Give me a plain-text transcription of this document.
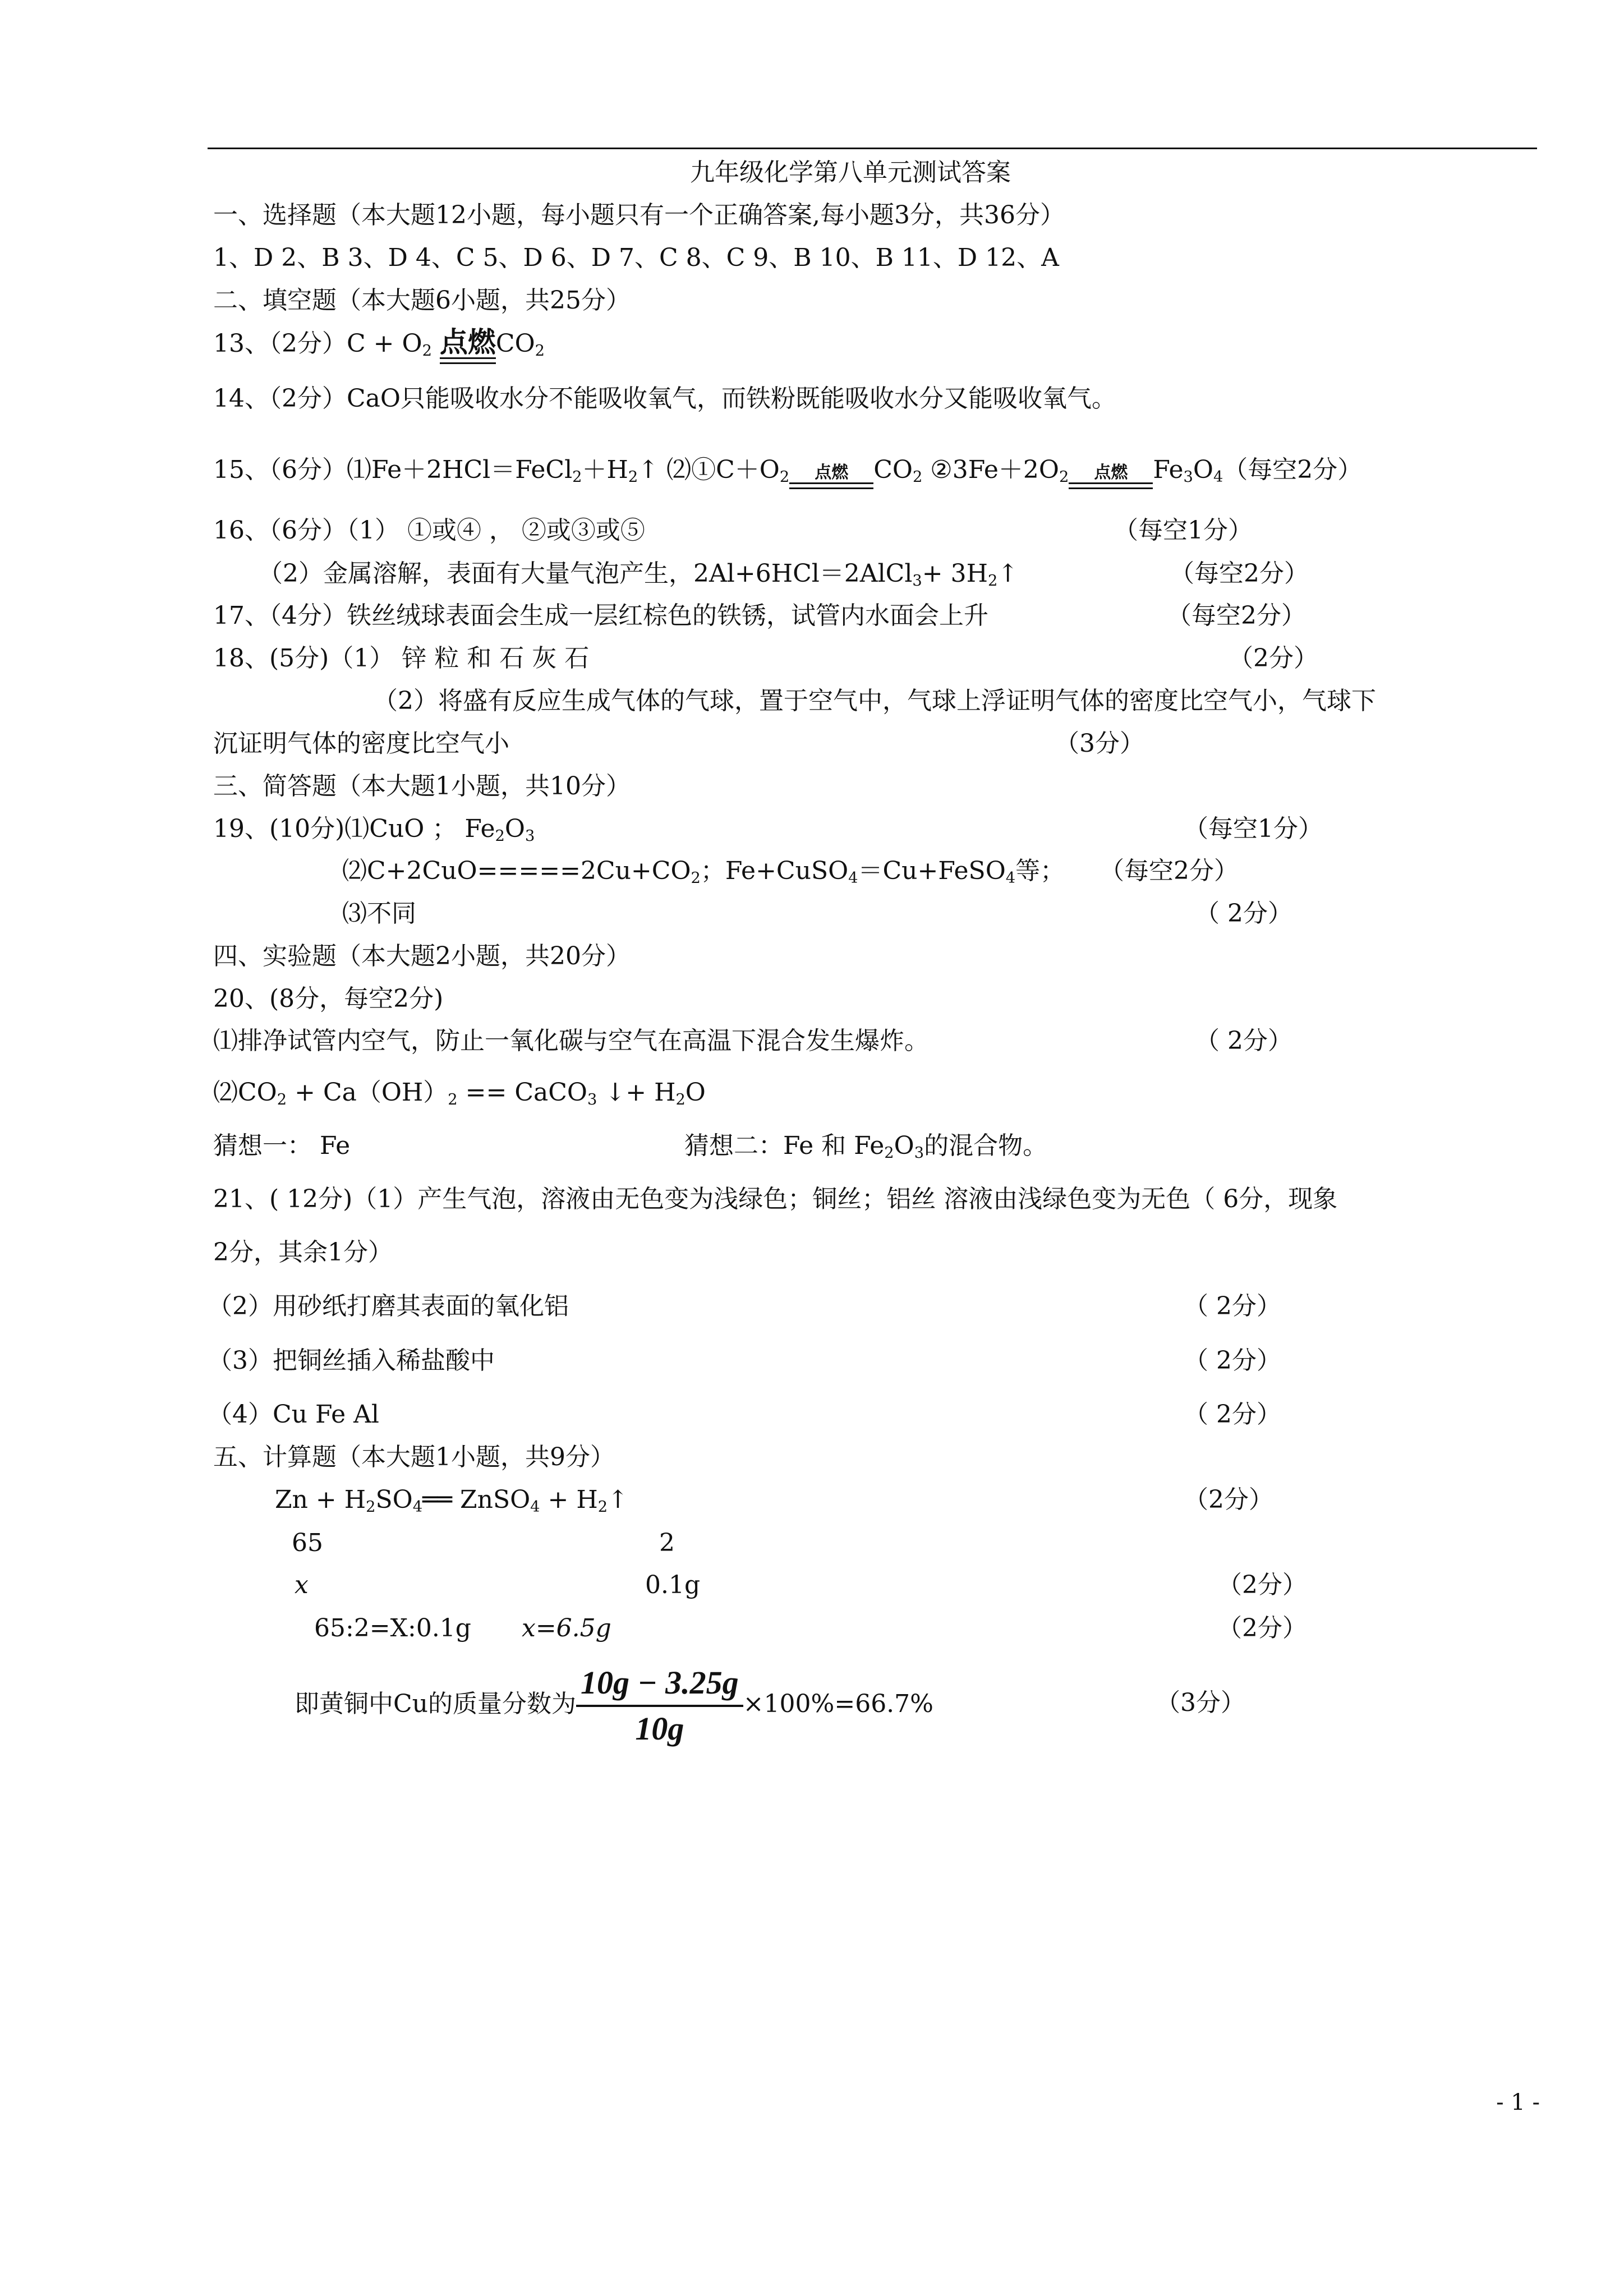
九年级化学第八单元测试答案
一、选择题（本大题12小题，每小题只有一个正确答案,每小题3分，共36分）
1、D 2、B 3、D 4、C 5、D 6、D 7、C 8、C 9、B 10、B 11、D 12、A
二、填空题（本大题6小题，共25分）
13、（2分）$C + O_2$ 点燃 $CO_2$
14、（2分）CaO只能吸收水分不能吸收氧气，而铁粉既能吸收水分又能吸收氧气。
15、（6分）$⑴Fe+2HCl=FeCl_2+H_2↑$ $⑵①C+O_2$	点燃	$CO_2$ $②3Fe+2O_2$	点燃	$Fe_3O_4$（每空2分）
16、（6分）（1） ①或④ ， ②或③或⑤	（每空1分）
（2）金属溶解，表面有大量气泡产生，2Al+6HCl＝2AlCl$_3$+ $3H_2↑$	（每空2分）
17、（4分）铁丝绒球表面会生成一层红棕色的铁锈，试管内水面会上升	（每空2分）
18、(5分)（1） 锌 粒 和 石 灰 石	（2分）
（2）将盛有反应生成气体的气球，置于空气中，气球上浮证明气体的密度比空气小，气球下
沉证明气体的密度比空气小	（3分）
三、简答题（本大题1小题，共10分）
19、(10分)⑴CuO ； $Fe_2O_3$	（每空1分）
$⑵C+2CuO=====2Cu+CO_2$；Fe+CuSO$_4$＝Cu+FeSO$_4$等； （每空2分）
⑶不同	（ 2分）
四、实验题（本大题2小题，共20分）
20、(8分，每空2分)
⑴排净试管内空气，防止一氧化碳与空气在高温下混合发生爆炸。	（ 2分）
$⑵CO_2 + Ca(OH)_2$ == CaCO$_3$ ↓+ $H_2O$
猜想一： Fe	猜想二：Fe 和 $Fe_2O_3$的混合物。
21、( 12分)（1）产生气泡，溶液由无色变为浅绿色；铜丝；铝丝 溶液由浅绿色变为无色（ 6分，现象
2分，其余1分）
（2）用砂纸打磨其表面的氧化铝	（ 2分）
（3）把铜丝插入稀盐酸中	（ 2分）
（4）Cu Fe Al	（ 2分）
五、计算题（本大题1小题，共9分）
$Zn + H_2SO_4══$ ZnSO$_4$ + $H_2↑$	（2分）
65	2
x	0.1g	（2分）
65:2=X:0.1g x=6.5g	（2分）
即黄铜中Cu的质量分数为 $\frac{10g - 3.25g}{10g} \times 100\%=66.7\%$	（3分）
- 1 -
